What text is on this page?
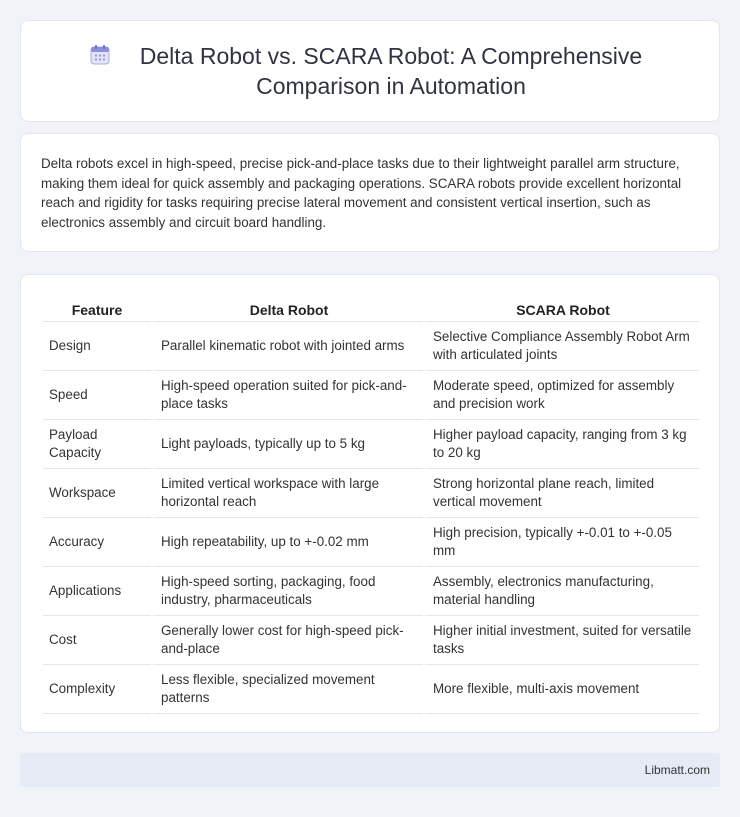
Delta Robot vs. SCARA Robot: A Comprehensive Comparison in Automation

Delta robots excel in high-speed, precise pick-and-place tasks due to their lightweight parallel arm structure, making them ideal for quick assembly and packaging operations. SCARA robots provide excellent horizontal reach and rigidity for tasks requiring precise lateral movement and consistent vertical insertion, such as electronics assembly and circuit board handling.

Feature	Delta Robot	SCARA Robot
Design	Parallel kinematic robot with jointed arms	Selective Compliance Assembly Robot Arm with articulated joints
Speed	High-speed operation suited for pick-and-place tasks	Moderate speed, optimized for assembly and precision work
Payload Capacity	Light payloads, typically up to 5 kg	Higher payload capacity, ranging from 3 kg to 20 kg
Workspace	Limited vertical workspace with large horizontal reach	Strong horizontal plane reach, limited vertical movement
Accuracy	High repeatability, up to +-0.02 mm	High precision, typically +-0.01 to +-0.05 mm
Applications	High-speed sorting, packaging, food industry, pharmaceuticals	Assembly, electronics manufacturing, material handling
Cost	Generally lower cost for high-speed pick-and-place	Higher initial investment, suited for versatile tasks
Complexity	Less flexible, specialized movement patterns	More flexible, multi-axis movement
Libmatt.com
